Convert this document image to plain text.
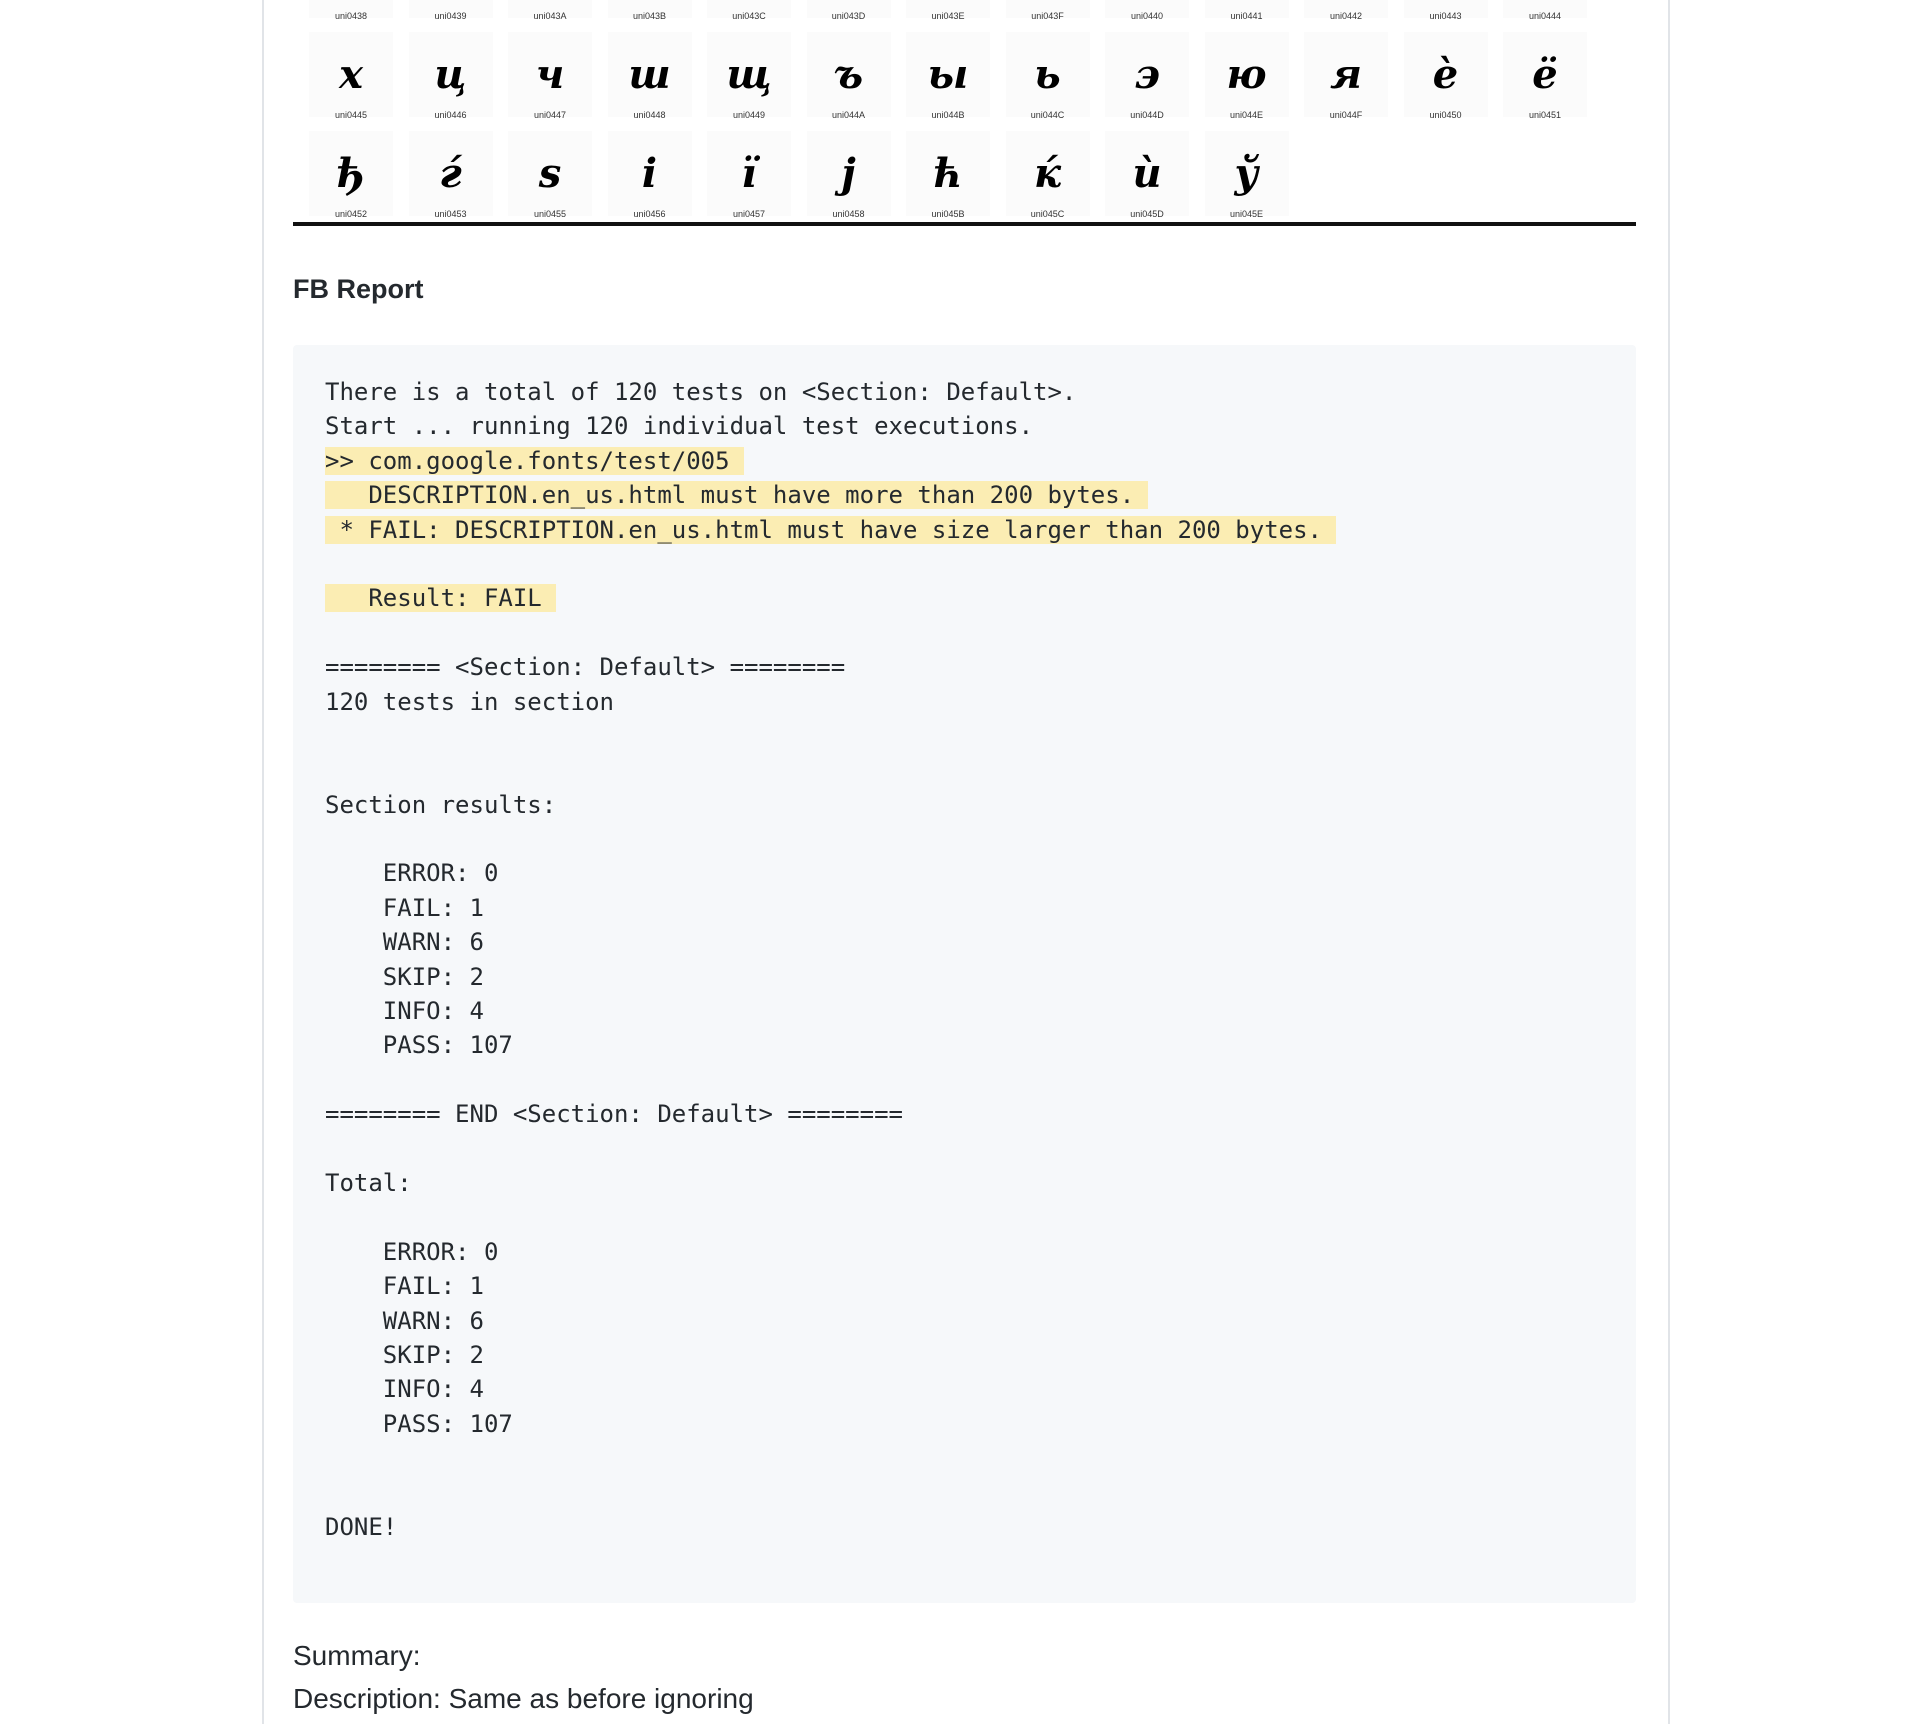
uni0438	uni0439	uni043A	uni043B	uni043C	uni043D	uni043E	uni043F	uni0440	uni0441	uni0442	uni0443	uni0444
х
uni0445
ц
uni0446
ч
uni0447
ш
uni0448
щ
uni0449
ъ
uni044A
ы
uni044B
ь
uni044C
э
uni044D
ю
uni044E
я
uni044F
ѐ
uni0450
ё
uni0451
ђ
uni0452
ѓ
uni0453
ѕ
uni0455
і
uni0456
ї
uni0457
ј
uni0458
ћ
uni045B
ќ
uni045C
ѝ
uni045D
ў
uni045E
FB Report
There is a total of 120 tests on <Section: Default>.
Start ... running 120 individual test executions.
>> com.google.fonts/test/005
DESCRIPTION.en_us.html must have more than 200 bytes.
* FAIL: DESCRIPTION.en_us.html must have size larger than 200 bytes.
Result: FAIL
======== <Section: Default> ========
120 tests in section
Section results:
ERROR: 0
FAIL: 1
WARN: 6
SKIP: 2
INFO: 4
PASS: 107
======== END <Section: Default> ========
Total:
ERROR: 0
FAIL: 1
WARN: 6
SKIP: 2
INFO: 4
PASS: 107
DONE!
Summary:
Description: Same as before ignoring
